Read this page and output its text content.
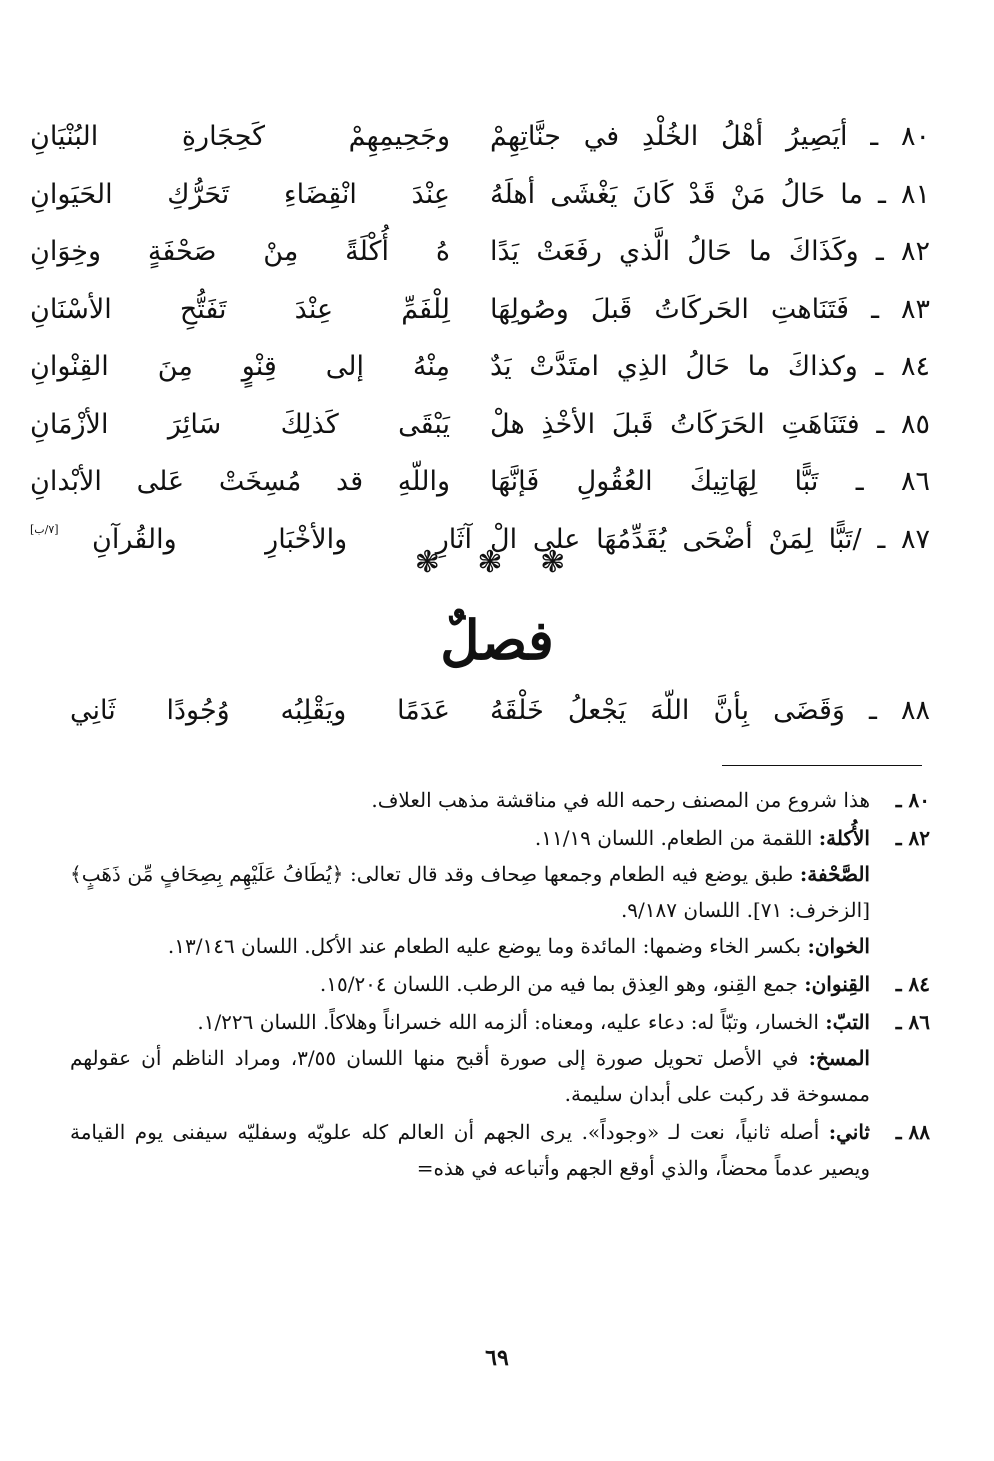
٨٠ ـ أيَصِيرُ أهْلُ الخُلْدِ في جنَّاتِهِمْ
وجَحِيمِهِمْ كَحِجَارةِ البُنْيَانِ
٨١ ـ ما حَالُ مَنْ قَدْ كَانَ يَغْشَى أهلَهُ
عِنْدَ انْقِضَاءِ تَحَرُّكِ الحَيَوانِ
٨٢ ـ وكَذَاكَ ما حَالُ الَّذي رفَعَتْ يَدًا
هُ أُكْلَةً مِنْ صَحْفَةٍ وخِوَانِ
٨٣ ـ فَتَنَاهتِ الحَركَاتُ قَبلَ وصُولِهَا
لِلْفَمِّ عِنْدَ تَفَتُّحِ الأسْنَانِ
٨٤ ـ وكذاكَ ما حَالُ الذِي امتَدَّتْ يَدٌ
مِنْهُ إلى قِنْوٍ مِنَ القِنْوانِ
٨٥ ـ فتَنَاهَتِ الحَرَكَاتُ قَبلَ الأخْذِ هلْ
يَبْقَى كَذلِكَ سَائِرَ الأزْمَانِ
٨٦ ـ تَبًّا لِهَاتِيكَ العُقُولِ فَإنَّهَا
واللّهِ قد مُسِخَتْ عَلى الأبْدانِ
٨٧ ـ /تَبًّا لِمَنْ أضْحَى يُقَدِّمُهَا على الْ
آثَارِ والأخْبَارِ والقُرآنِ
[٧/ب]
❃ ❃ ❃
فصلٌ
٨٨ ـ وَقَضَى بِأنَّ اللّهَ يَجْعلُ خَلْقَهُ
عَدَمًا ويَقْلِبُه وُجُودًا ثَانِي
٨٠ ـ

هذا شروع من المصنف رحمه الله في مناقشة مذهب العلاف.

٨٢ ـ

الأُكلة: اللقمة من الطعام. اللسان ١١/١٩.

الصَّحْفة: طبق يوضع فيه الطعام وجمعها صِحاف وقد قال تعالى: ﴿يُطَافُ عَلَيْهِم بِصِحَافٍ مِّن ذَهَبٍ﴾ [الزخرف: ٧١]. اللسان ٩/١٨٧.

الخوان: بكسر الخاء وضمها: المائدة وما يوضع عليه الطعام عند الأكل. اللسان ١٣/١٤٦.

٨٤ ـ

القِنوان: جمع القِنو، وهو العِذق بما فيه من الرطب. اللسان ١٥/٢٠٤.

٨٦ ـ

التبّ: الخسار، وتبّاً له: دعاء عليه، ومعناه: ألزمه الله خسراناً وهلاكاً. اللسان ١/٢٢٦.

المسخ: في الأصل تحويل صورة إلى صورة أقبح منها اللسان ٣/٥٥، ومراد الناظم أن عقولهم ممسوخة قد ركبت على أبدان سليمة.

٨٨ ـ

ثاني: أصله ثانياً، نعت لـ «وجوداً». يرى الجهم أن العالم كله علويّه وسفليّه سيفنى يوم القيامة ويصير عدماً محضاً، والذي أوقع الجهم وأتباعه في هذه=

٦٩
